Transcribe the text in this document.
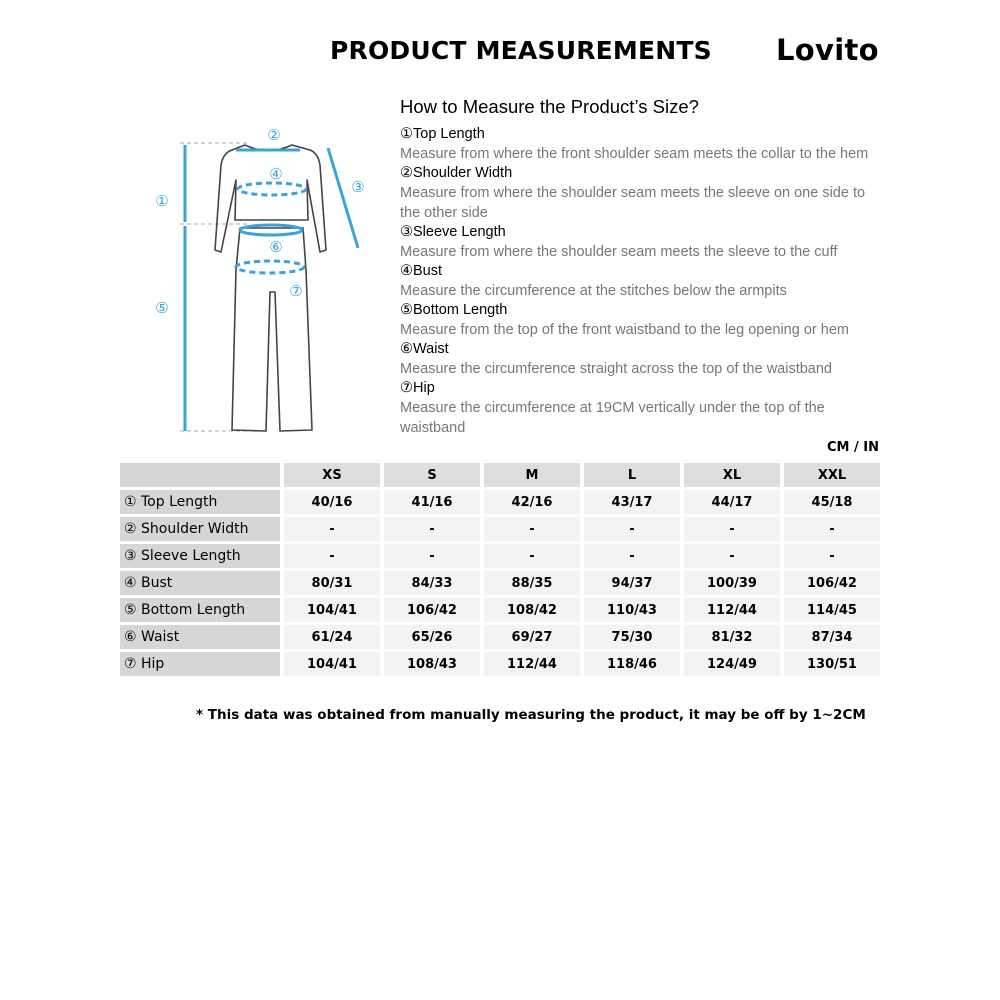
PRODUCT MEASUREMENTS Lovito
①
②
③
④
⑤
⑥
⑦
How to Measure the Product’s Size?
①Top Length
Measure from where the front shoulder seam meets the collar to the hem
②Shoulder Width
Measure from where the shoulder seam meets the sleeve on one side to the other side
③Sleeve Length
Measure from where the shoulder seam meets the sleeve to the cuff
④Bust
Measure the circumference at the stitches below the armpits
⑤Bottom Length
Measure from the top of the front waistband to the leg opening or hem
⑥Waist
Measure the circumference straight across the top of the waistband
⑦Hip
Measure the circumference at 19CM vertically under the top of the waistband
CM / IN
	XS	S	M	L	XL	XXL
① Top Length	40/16	41/16	42/16	43/17	44/17	45/18
② Shoulder Width	-	-	-	-	-	-
③ Sleeve Length	-	-	-	-	-	-
④ Bust	80/31	84/33	88/35	94/37	100/39	106/42
⑤ Bottom Length	104/41	106/42	108/42	110/43	112/44	114/45
⑥ Waist	61/24	65/26	69/27	75/30	81/32	87/34
⑦ Hip	104/41	108/43	112/44	118/46	124/49	130/51
* This data was obtained from manually measuring the product, it may be off by 1~2CM
